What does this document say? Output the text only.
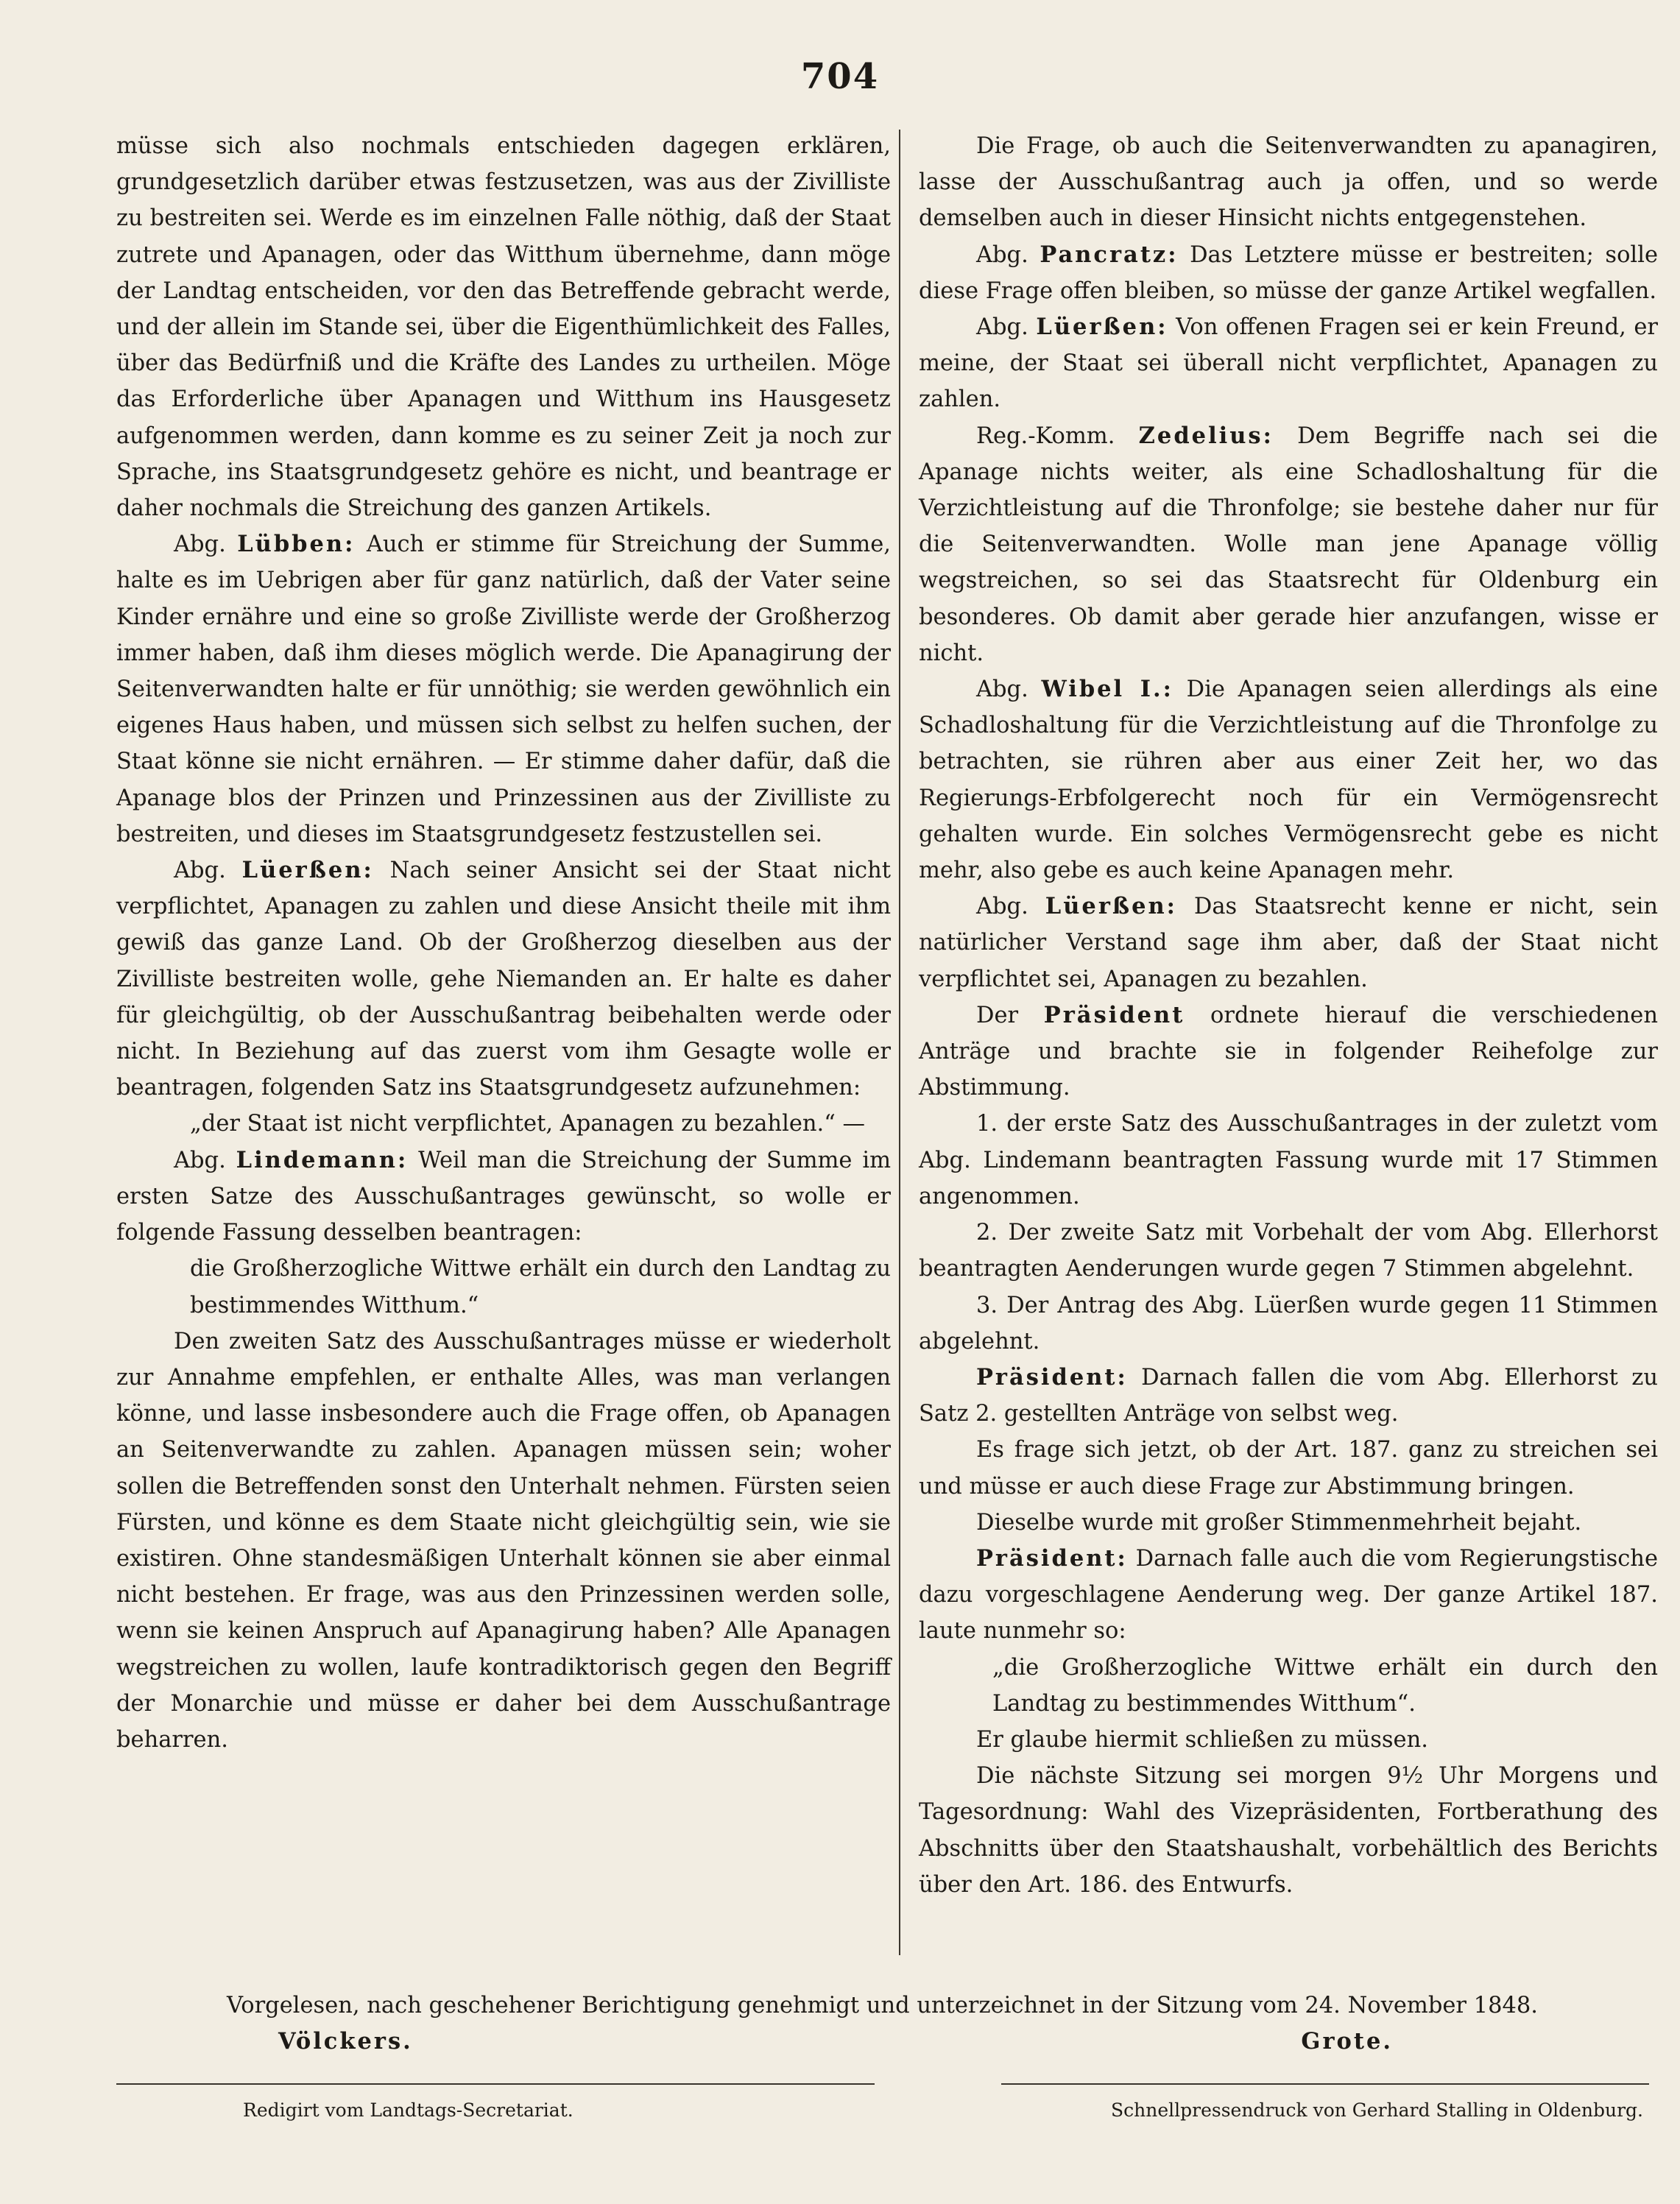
704

müsse sich also nochmals entschieden dagegen erklären, grundgesetzlich darüber etwas festzusetzen, was aus der Zivilliste zu bestreiten sei. Werde es im einzelnen Falle nöthig, daß der Staat zutrete und Apanagen, oder das Witthum übernehme, dann möge der Landtag entscheiden, vor den das Betreffende gebracht werde, und der allein im Stande sei, über die Eigenthümlichkeit des Falles, über das Bedürfniß und die Kräfte des Landes zu urtheilen. Möge das Erforderliche über Apanagen und Witthum ins Hausgesetz aufgenommen werden, dann komme es zu seiner Zeit ja noch zur Sprache, ins Staatsgrundgesetz gehöre es nicht, und beantrage er daher nochmals die Streichung des ganzen Artikels.

Abg. Lübben: Auch er stimme für Streichung der Summe, halte es im Uebrigen aber für ganz natürlich, daß der Vater seine Kinder ernähre und eine so große Zivilliste werde der Großherzog immer haben, daß ihm dieses möglich werde. Die Apanagirung der Seitenverwandten halte er für unnöthig; sie werden gewöhnlich ein eigenes Haus haben, und müssen sich selbst zu helfen suchen, der Staat könne sie nicht ernähren. — Er stimme daher dafür, daß die Apanage blos der Prinzen und Prinzessinen aus der Zivilliste zu bestreiten, und dieses im Staatsgrundgesetz festzustellen sei.

Abg. Lüerßen: Nach seiner Ansicht sei der Staat nicht verpflichtet, Apanagen zu zahlen und diese Ansicht theile mit ihm gewiß das ganze Land. Ob der Großherzog dieselben aus der Zivilliste bestreiten wolle, gehe Niemanden an. Er halte es daher für gleichgültig, ob der Ausschußantrag beibehalten werde oder nicht. In Beziehung auf das zuerst vom ihm Gesagte wolle er beantragen, folgenden Satz ins Staatsgrundgesetz aufzunehmen:

„der Staat ist nicht verpflichtet, Apanagen zu bezahlen.“ —

Abg. Lindemann: Weil man die Streichung der Summe im ersten Satze des Ausschußantrages gewünscht, so wolle er folgende Fassung desselben beantragen:

die Großherzogliche Wittwe erhält ein durch den Landtag zu bestimmendes Witthum.“

Den zweiten Satz des Ausschußantrages müsse er wiederholt zur Annahme empfehlen, er enthalte Alles, was man verlangen könne, und lasse insbesondere auch die Frage offen, ob Apanagen an Seitenverwandte zu zahlen. Apanagen müssen sein; woher sollen die Betreffenden sonst den Unterhalt nehmen. Fürsten seien Fürsten, und könne es dem Staate nicht gleichgültig sein, wie sie existiren. Ohne standesmäßigen Unterhalt können sie aber einmal nicht bestehen. Er frage, was aus den Prinzessinen werden solle, wenn sie keinen Anspruch auf Apanagirung haben? Alle Apanagen wegstreichen zu wollen, laufe kontradiktorisch gegen den Begriff der Monarchie und müsse er daher bei dem Ausschußantrage beharren.

Die Frage, ob auch die Seitenverwandten zu apanagiren, lasse der Ausschußantrag auch ja offen, und so werde demselben auch in dieser Hinsicht nichts entgegenstehen.

Abg. Pancratz: Das Letztere müsse er bestreiten; solle diese Frage offen bleiben, so müsse der ganze Artikel wegfallen.

Abg. Lüerßen: Von offenen Fragen sei er kein Freund, er meine, der Staat sei überall nicht verpflichtet, Apanagen zu zahlen.

Reg.-Komm. Zedelius: Dem Begriffe nach sei die Apanage nichts weiter, als eine Schadloshaltung für die Verzichtleistung auf die Thronfolge; sie bestehe daher nur für die Seitenverwandten. Wolle man jene Apanage völlig wegstreichen, so sei das Staatsrecht für Oldenburg ein besonderes. Ob damit aber gerade hier anzufangen, wisse er nicht.

Abg. Wibel I.: Die Apanagen seien allerdings als eine Schadloshaltung für die Verzichtleistung auf die Thronfolge zu betrachten, sie rühren aber aus einer Zeit her, wo das Regierungs-Erbfolgerecht noch für ein Vermögensrecht gehalten wurde. Ein solches Vermögensrecht gebe es nicht mehr, also gebe es auch keine Apanagen mehr.

Abg. Lüerßen: Das Staatsrecht kenne er nicht, sein natürlicher Verstand sage ihm aber, daß der Staat nicht verpflichtet sei, Apanagen zu bezahlen.

Der Präsident ordnete hierauf die verschiedenen Anträge und brachte sie in folgender Reihefolge zur Abstimmung.

1. der erste Satz des Ausschußantrages in der zuletzt vom Abg. Lindemann beantragten Fassung wurde mit 17 Stimmen angenommen.

2. Der zweite Satz mit Vorbehalt der vom Abg. Ellerhorst beantragten Aenderungen wurde gegen 7 Stimmen abgelehnt.

3. Der Antrag des Abg. Lüerßen wurde gegen 11 Stimmen abgelehnt.

Präsident: Darnach fallen die vom Abg. Ellerhorst zu Satz 2. gestellten Anträge von selbst weg.

Es frage sich jetzt, ob der Art. 187. ganz zu streichen sei und müsse er auch diese Frage zur Abstimmung bringen.

Dieselbe wurde mit großer Stimmenmehrheit bejaht.

Präsident: Darnach falle auch die vom Regierungstische dazu vorgeschlagene Aenderung weg. Der ganze Artikel 187. laute nunmehr so:

„die Großherzogliche Wittwe erhält ein durch den Landtag zu bestimmendes Witthum“.

Er glaube hiermit schließen zu müssen.

Die nächste Sitzung sei morgen 9½ Uhr Morgens und Tagesordnung: Wahl des Vizepräsidenten, Fortberathung des Abschnitts über den Staatshaushalt, vorbehältlich des Berichts über den Art. 186. des Entwurfs.

Vorgelesen, nach geschehener Berichtigung genehmigt und unterzeichnet in der Sitzung vom 24. November 1848.
Völckers.	Grote.
Redigirt vom Landtags-Secretariat.	Schnellpressendruck von Gerhard Stalling in Oldenburg.
